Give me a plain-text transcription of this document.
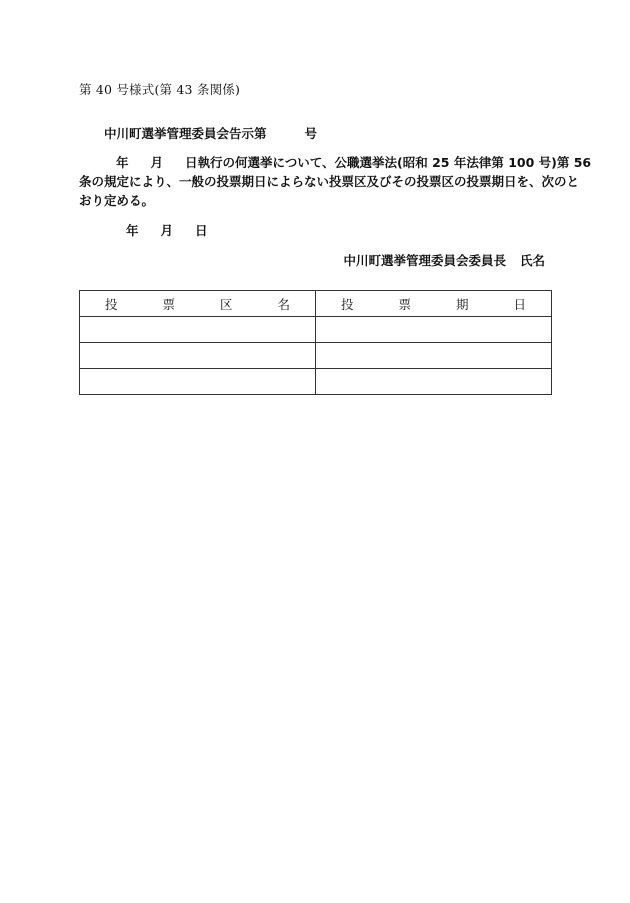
第 40 号様式(第 43 条関係)
中川町選挙管理委員会告示第	号
年 月 日執行の何選挙について、公職選挙法(昭和 25 年法律第 100 号)第 56
条の規定により、一般の投票期日によらない投票区及びその投票区の投票期日を、次のと
おり定める。
年 月 日
中川町選挙管理委員会委員長 氏名
投 票 区 名	投 票 期 日
